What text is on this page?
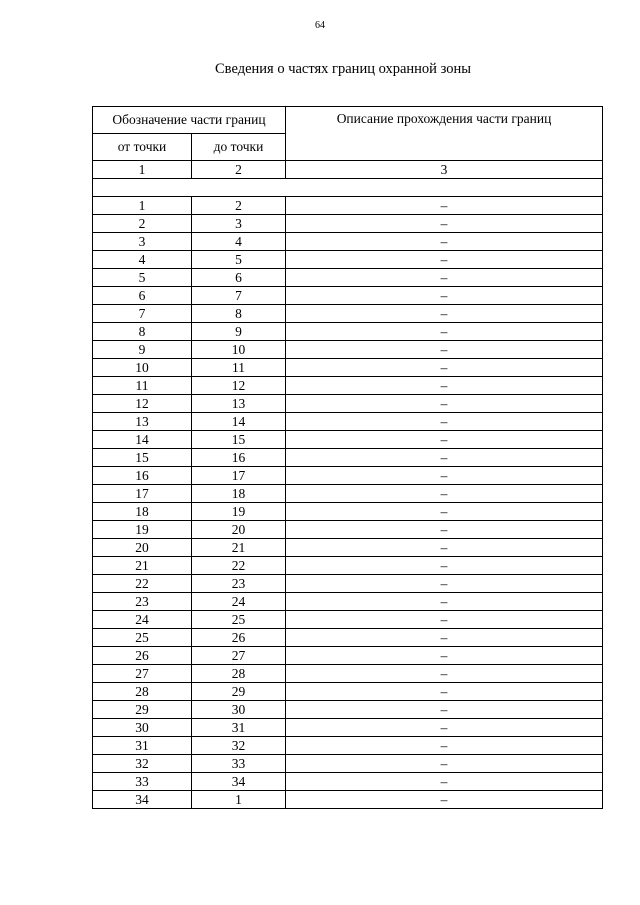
64
Сведения о частях границ охранной зоны
Обозначение части границ		Описание прохождения части границ
от точки	до точки	
1	2	3

1	2	–
2	3	–
3	4	–
4	5	–
5	6	–
6	7	–
7	8	–
8	9	–
9	10	–
10	11	–
11	12	–
12	13	–
13	14	–
14	15	–
15	16	–
16	17	–
17	18	–
18	19	–
19	20	–
20	21	–
21	22	–
22	23	–
23	24	–
24	25	–
25	26	–
26	27	–
27	28	–
28	29	–
29	30	–
30	31	–
31	32	–
32	33	–
33	34	–
34	1	–
